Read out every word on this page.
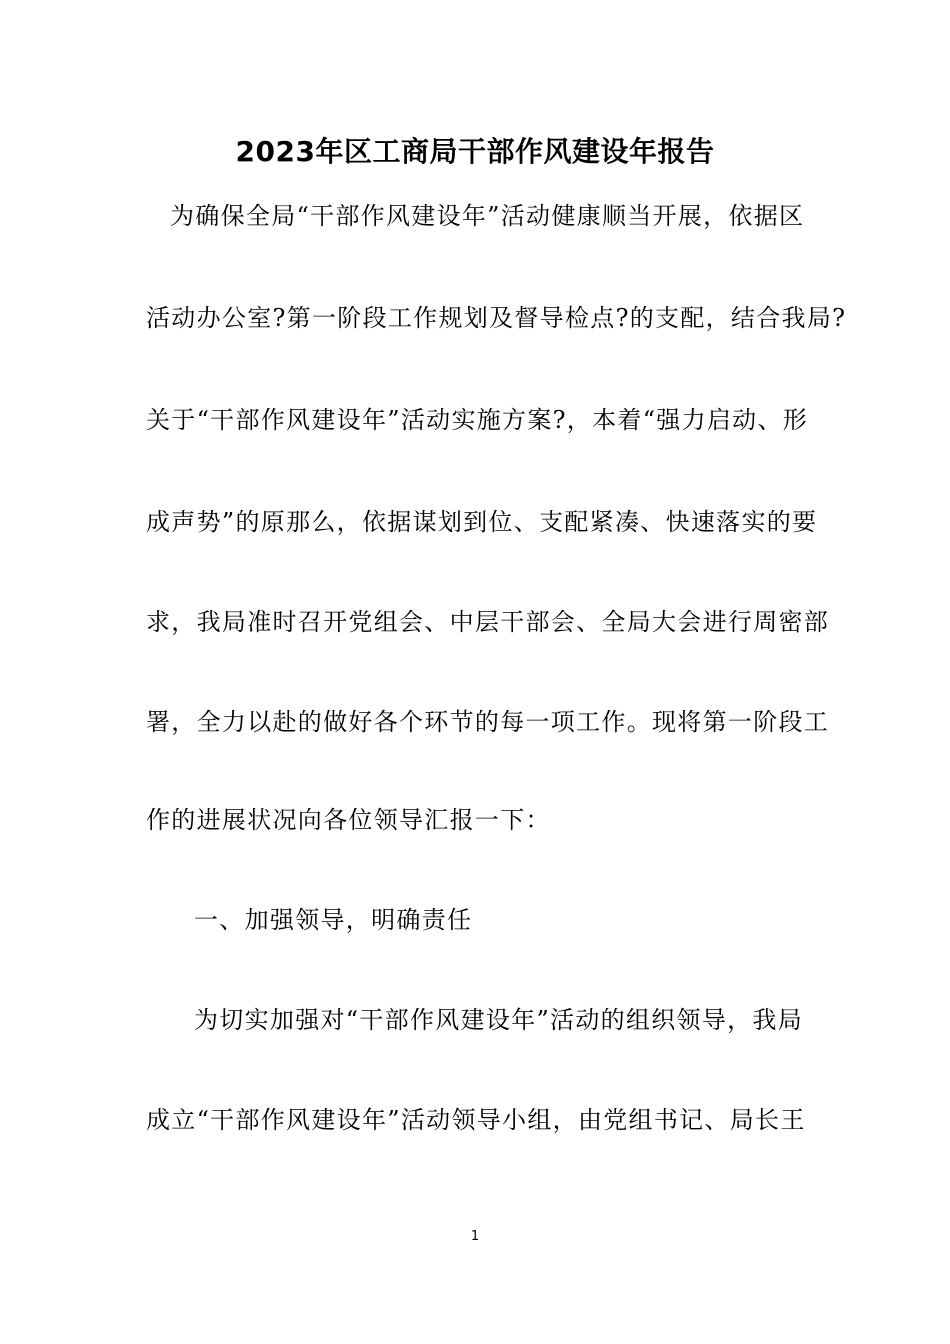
2023年区工商局干部作风建设年报告
为确保全局“干部作风建设年”活动健康顺当开展，依据区
活动办公室?第一阶段工作规划及督导检点?的支配，结合我局?
关于“干部作风建设年”活动实施方案?，本着“强力启动、形
成声势”的原那么，依据谋划到位、支配紧凑、快速落实的要
求，我局准时召开党组会、中层干部会、全局大会进行周密部
署，全力以赴的做好各个环节的每一项工作。现将第一阶段工
作的进展状况向各位领导汇报一下：
一、加强领导，明确责任
为切实加强对“干部作风建设年”活动的组织领导，我局
成立“干部作风建设年”活动领导小组，由党组书记、局长王
1
